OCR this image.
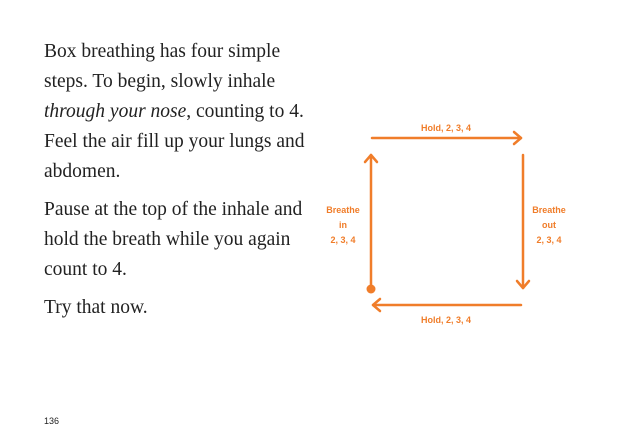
Box breathing has four simple steps. To begin, slowly inhale through your nose, counting to 4. Feel the air fill up your lungs and abdomen.

Pause at the top of the inhale and hold the breath while you again count to 4.

Try that now.

Hold, 2, 3, 4
Hold, 2, 3, 4
Breathe
in
2, 3, 4
Breathe
out
2, 3, 4
136
